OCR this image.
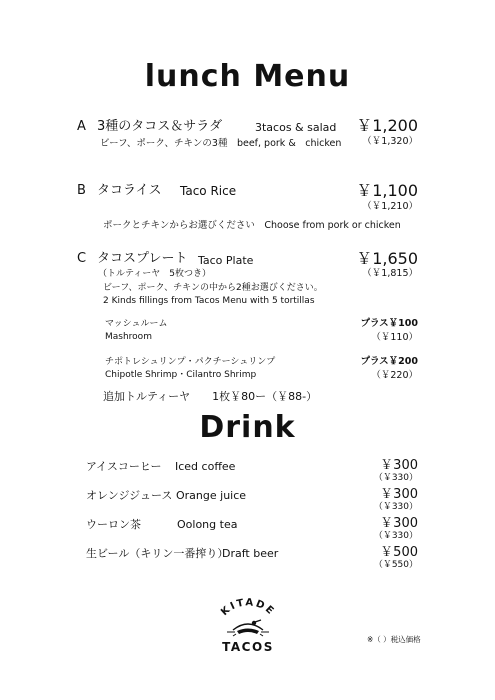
lunch Menu
A 3種のタコス＆サラダ	3tacos & salad	￥1,200
（￥1,320）
ビーフ、ポーク、チキンの3種　beef, pork &　chicken
B タコライス Taco Rice	￥1,100
（￥1,210）
ポークとチキンからお選びください　Choose from pork or chicken
C タコスプレート Taco Plate	￥1,650
（￥1,815）
（トルティーヤ　5枚つき）
ビーフ、ポーク、チキンの中から2種お選びください。
2 Kinds fillings from Tacos Menu with 5 tortillas
マッシュルーム
Mashroom
プラス￥100
（￥110）
チポトレシュリンプ・パクチーシュリンプ
Chipotle Shrimp・Cilantro Shrimp
プラス￥200
（￥220）
追加トルティーヤ　　1枚￥80ー（￥88-）
Drink
アイスコーヒー Iced coffee	￥300
（￥330）
オレンジジュース Orange juice	￥300
（￥330）
ウーロン茶	Oolong tea	￥300
（￥330）
生ビール（キリン一番搾り）
Draft beer	￥500
（￥550）
KITADE
TACOS
※（ ）税込価格
